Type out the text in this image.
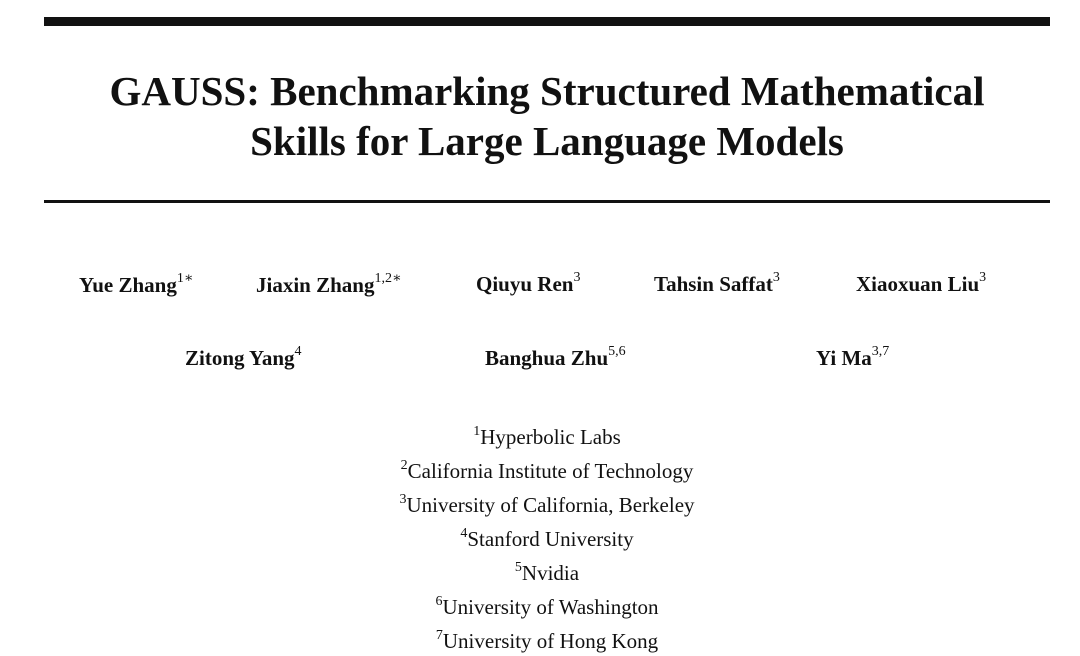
GAUSS: Benchmarking Structured Mathematical
Skills for Large Language Models
Yue Zhang$^{1∗}$	Jiaxin Zhang$^{1,2∗}$	Qiuyu Ren$^3$	Tahsin Saffat$^3$	Xiaoxuan Liu$^3$
Zitong Yang$^4$	Banghua Zhu$^{5,6}$	Yi Ma$^{3,7}$
$^1$Hyperbolic Labs
$^2$California Institute of Technology
$^3$University of California, Berkeley
$^4$Stanford University
$^5$Nvidia
$^6$University of Washington
$^7$University of Hong Kong
